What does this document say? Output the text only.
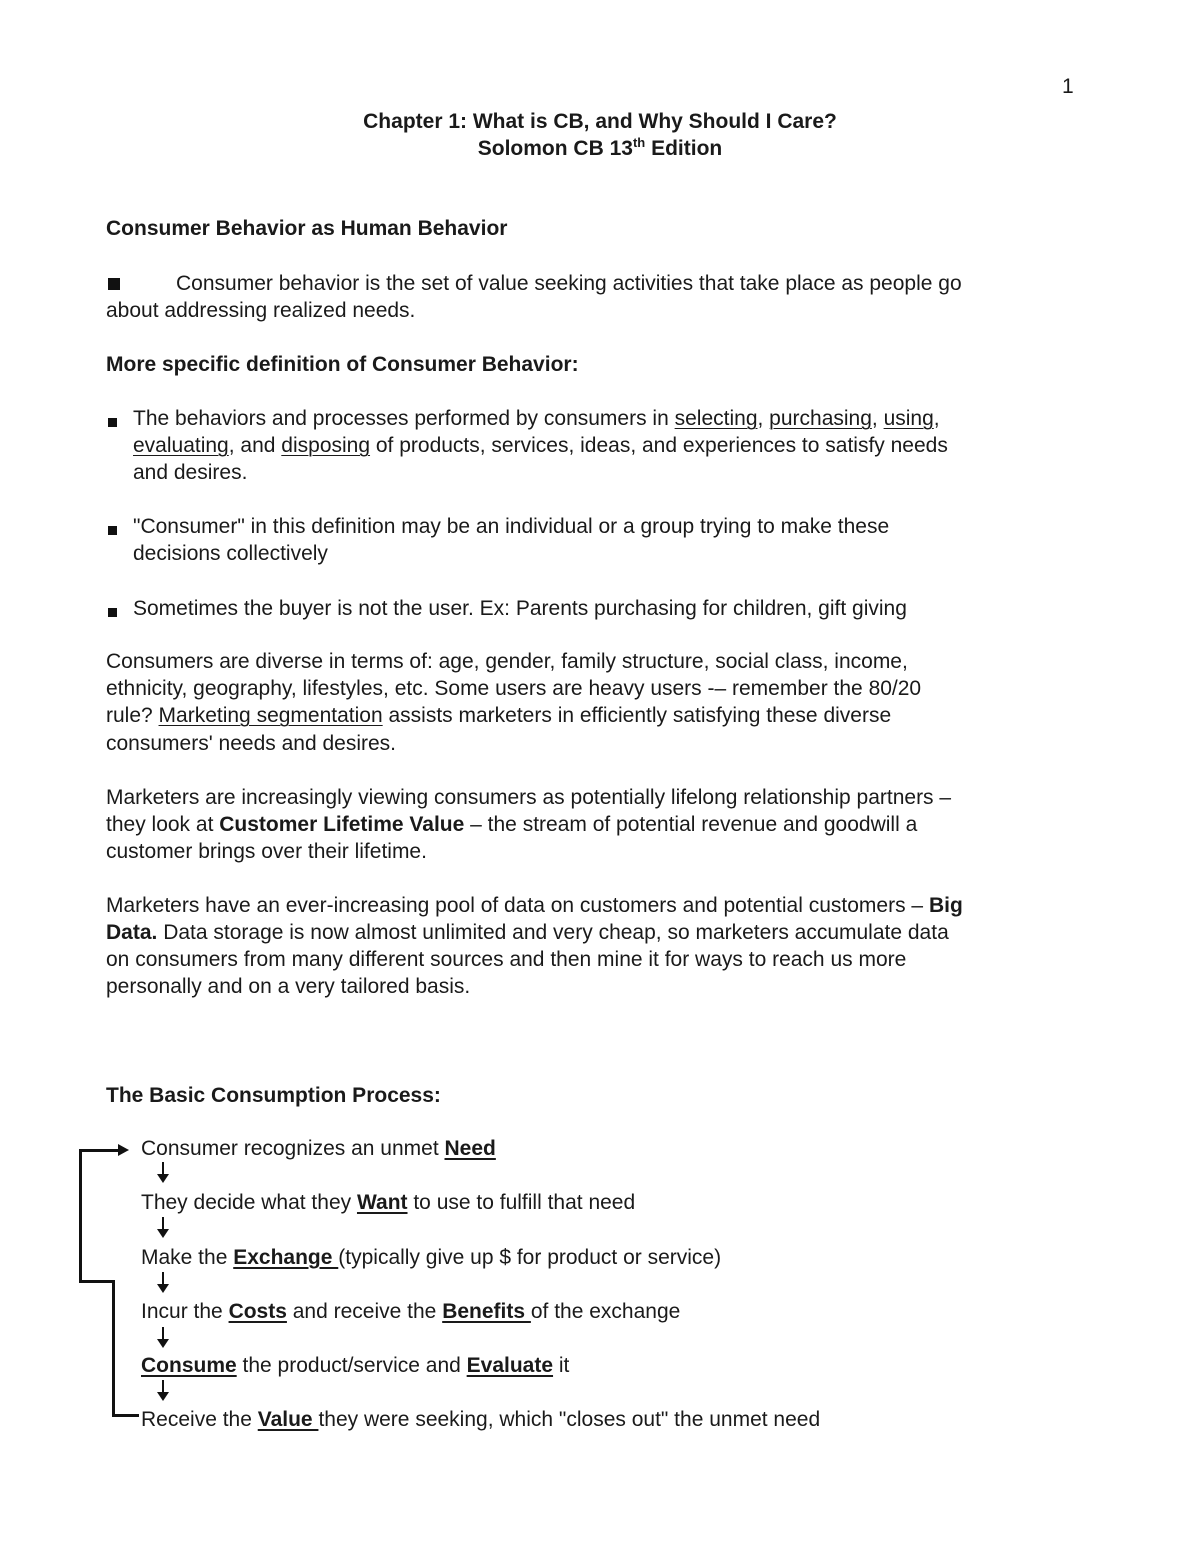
1
Chapter 1: What is CB, and Why Should I Care?
Solomon CB 13th Edition
Consumer Behavior as Human Behavior
Consumer behavior is the set of value seeking activities that take place as people go
about addressing realized needs.
More specific definition of Consumer Behavior:
The behaviors and processes performed by consumers in selecting, purchasing, using,
evaluating, and disposing of products, services, ideas, and experiences to satisfy needs
and desires.
"Consumer" in this definition may be an individual or a group trying to make these
decisions collectively
Sometimes the buyer is not the user. Ex: Parents purchasing for children, gift giving
Consumers are diverse in terms of: age, gender, family structure, social class, income,
ethnicity, geography, lifestyles, etc. Some users are heavy users -– remember the 80/20
rule? Marketing segmentation assists marketers in efficiently satisfying these diverse
consumers' needs and desires.
Marketers are increasingly viewing consumers as potentially lifelong relationship partners –
they look at Customer Lifetime Value – the stream of potential revenue and goodwill a
customer brings over their lifetime.
Marketers have an ever-increasing pool of data on customers and potential customers – Big
Data. Data storage is now almost unlimited and very cheap, so marketers accumulate data
on consumers from many different sources and then mine it for ways to reach us more
personally and on a very tailored basis.
The Basic Consumption Process:
Consumer recognizes an unmet Need
They decide what they Want to use to fulfill that need
Make the Exchange (typically give up $ for product or service)
Incur the Costs and receive the Benefits of the exchange
Consume the product/service and Evaluate it
Receive the Value they were seeking, which "closes out" the unmet need
